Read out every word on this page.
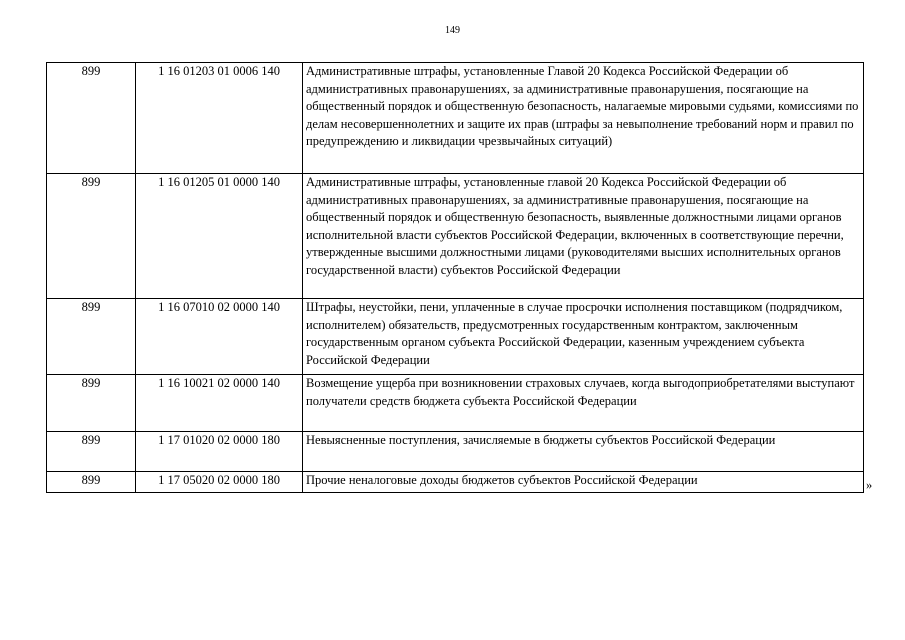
149
899	1 16 01203 01 0006 140	Административные штрафы, установленные Главой 20 Кодекса Российской Федерации об административных правонарушениях, за административные правонарушения, посягающие на общественный порядок и общественную безопасность, налагаемые мировыми судьями, комиссиями по делам несовершеннолетних и защите их прав (штрафы за невыполнение требований норм и правил по предупреждению и ликвидации чрезвычайных ситуаций)
899	1 16 01205 01 0000 140	Административные штрафы, установленные главой 20 Кодекса Российской Федерации об административных правонарушениях, за административные правонарушения, посягающие на общественный порядок и общественную безопасность, выявленные должностными лицами органов исполнительной власти субъектов Российской Федерации, включенных в соответствующие перечни, утвержденные высшими должностными лицами (руководителями высших исполнительных органов государственной власти) субъектов Российской Федерации
899	1 16 07010 02 0000 140	Штрафы, неустойки, пени, уплаченные в случае просрочки исполнения поставщиком (подрядчиком, исполнителем) обязательств, предусмотренных государственным контрактом, заключенным государственным органом субъекта Российской Федерации, казенным учреждением субъекта Российской Федерации
899	1 16 10021 02 0000 140	Возмещение ущерба при возникновении страховых случаев, когда выгодоприобретателями выступают получатели средств бюджета субъекта Российской Федерации
899	1 17 01020 02 0000 180	Невыясненные поступления, зачисляемые в бюджеты субъектов Российской Федерации
899	1 17 05020 02 0000 180	Прочие неналоговые доходы бюджетов субъектов Российской Федерации	»
